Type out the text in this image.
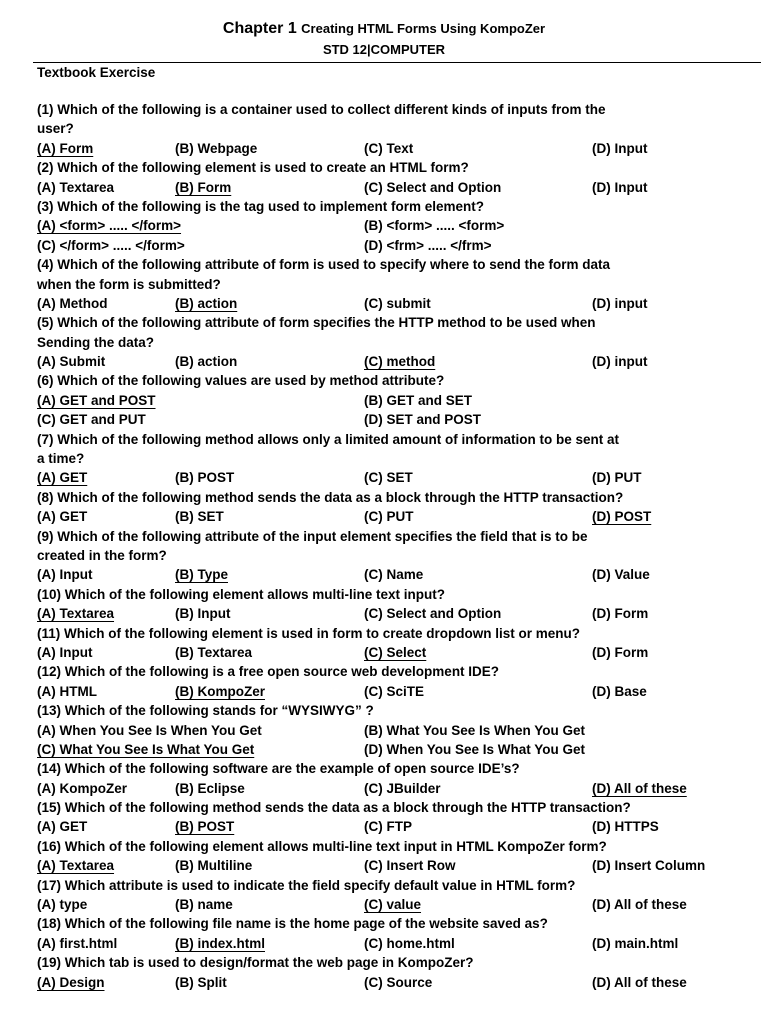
Chapter 1 Creating HTML Forms Using KompoZer
STD 12|COMPUTER
Textbook Exercise
(1) Which of the following is a container used to collect different kinds of inputs from the
user?
(A) Form	(B) Webpage	(C) Text	(D) Input
(2) Which of the following element is used to create an HTML form?
(A) Textarea	(B) Form	(C) Select and Option	(D) Input
(3) Which of the following is the tag used to implement form element?
(A) <form> ..... </form>	(B) <form> ..... <form>
(C) </form> ..... </form>	(D) <frm> ..... </frm>
(4) Which of the following attribute of form is used to specify where to send the form data
when the form is submitted?
(A) Method	(B) action	(C) submit	(D) input
(5) Which of the following attribute of form specifies the HTTP method to be used when
Sending the data?
(A) Submit	(B) action	(C) method	(D) input
(6) Which of the following values are used by method attribute?
(A) GET and POST	(B) GET and SET
(C) GET and PUT	(D) SET and POST
(7) Which of the following method allows only a limited amount of information to be sent at
a time?
(A) GET	(B) POST	(C) SET	(D) PUT
(8) Which of the following method sends the data as a block through the HTTP transaction?
(A) GET	(B) SET	(C) PUT	(D) POST
(9) Which of the following attribute of the input element specifies the field that is to be
created in the form?
(A) Input	(B) Type	(C) Name	(D) Value
(10) Which of the following element allows multi-line text input?
(A) Textarea	(B) Input	(C) Select and Option	(D) Form
(11) Which of the following element is used in form to create dropdown list or menu?
(A) Input	(B) Textarea	(C) Select	(D) Form
(12) Which of the following is a free open source web development IDE?
(A) HTML	(B) KompoZer	(C) SciTE	(D) Base
(13) Which of the following stands for “WYSIWYG” ?
(A) When You See Is When You Get	(B) What You See Is When You Get
(C) What You See Is What You Get	(D) When You See Is What You Get
(14) Which of the following software are the example of open source IDE’s?
(A) KompoZer	(B) Eclipse	(C) JBuilder	(D) All of these
(15) Which of the following method sends the data as a block through the HTTP transaction?
(A) GET	(B) POST	(C) FTP	(D) HTTPS
(16) Which of the following element allows multi-line text input in HTML KompoZer form?
(A) Textarea	(B) Multiline	(C) Insert Row	(D) Insert Column
(17) Which attribute is used to indicate the field specify default value in HTML form?
(A) type	(B) name	(C) value	(D) All of these
(18) Which of the following file name is the home page of the website saved as?
(A) first.html	(B) index.html	(C) home.html	(D) main.html
(19) Which tab is used to design/format the web page in KompoZer?
(A) Design	(B) Split	(C) Source	(D) All of these
